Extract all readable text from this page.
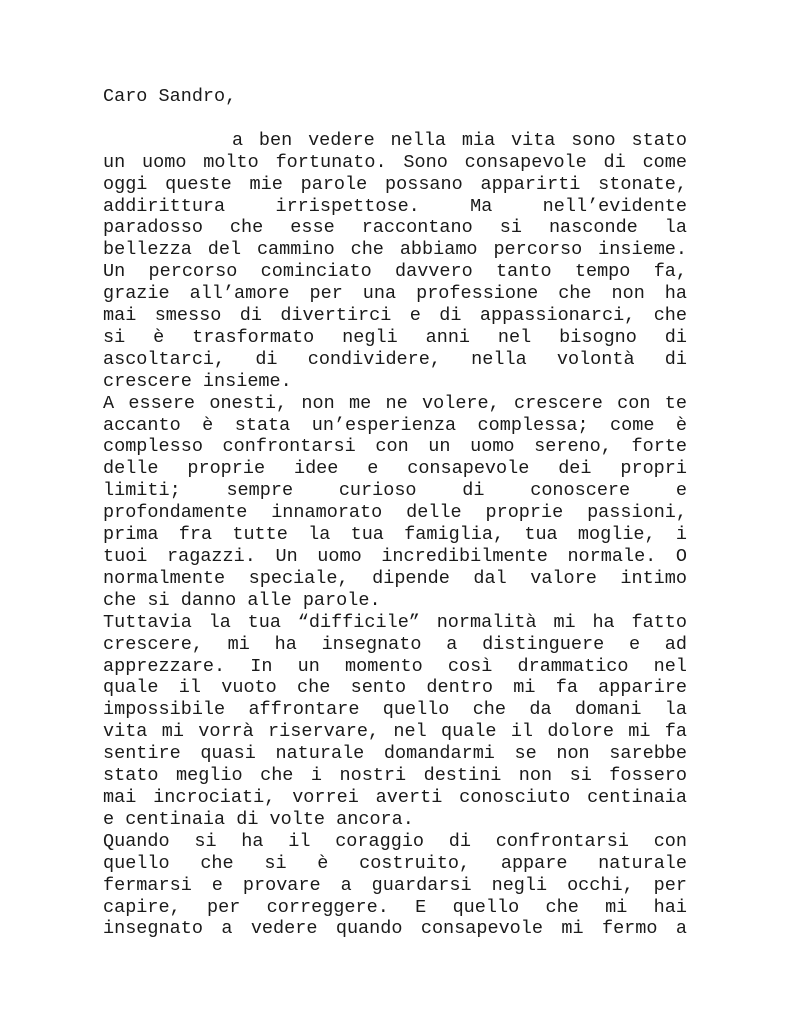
Caro Sandro,
a ben vedere nella mia vita sono stato
un uomo molto fortunato. Sono consapevole di come
oggi queste mie parole possano apparirti stonate,
addirittura irrispettose. Ma nell’evidente
paradosso che esse raccontano si nasconde la
bellezza del cammino che abbiamo percorso insieme.
Un percorso cominciato davvero tanto tempo fa,
grazie all’amore per una professione che non ha
mai smesso di divertirci e di appassionarci, che
si è trasformato negli anni nel bisogno di
ascoltarci, di condividere, nella volontà di
crescere insieme.
A essere onesti, non me ne volere, crescere con te
accanto è stata un’esperienza complessa; come è
complesso confrontarsi con un uomo sereno, forte
delle proprie idee e consapevole dei propri
limiti; sempre curioso di conoscere e
profondamente innamorato delle proprie passioni,
prima fra tutte la tua famiglia, tua moglie, i
tuoi ragazzi. Un uomo incredibilmente normale. O
normalmente speciale, dipende dal valore intimo
che si danno alle parole.
Tuttavia la tua “difficile” normalità mi ha fatto
crescere, mi ha insegnato a distinguere e ad
apprezzare. In un momento così drammatico nel
quale il vuoto che sento dentro mi fa apparire
impossibile affrontare quello che da domani la
vita mi vorrà riservare, nel quale il dolore mi fa
sentire quasi naturale domandarmi se non sarebbe
stato meglio che i nostri destini non si fossero
mai incrociati, vorrei averti conosciuto centinaia
e centinaia di volte ancora.
Quando si ha il coraggio di confrontarsi con
quello che si è costruito, appare naturale
fermarsi e provare a guardarsi negli occhi, per
capire, per correggere. E quello che mi hai
insegnato a vedere quando consapevole mi fermo a
